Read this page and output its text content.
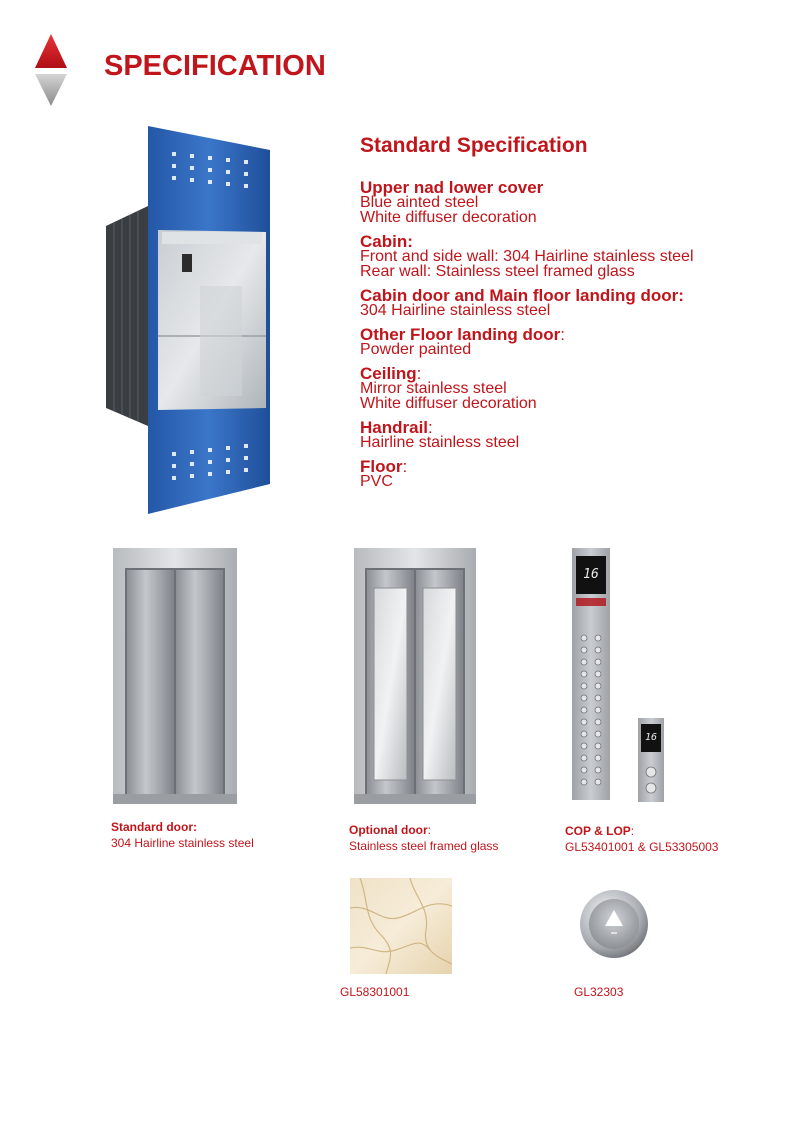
SPECIFICATION
Standard Specification
Upper nad lower cover
Blue ainted steel
White diffuser decoration
Cabin:
Front and side wall: 304 Hairline stainless steel
Rear wall: Stainless steel framed glass
Cabin door and Main floor landing door:
304 Hairline stainless steel
Other Floor landing door:
Powder painted
Ceiling:
Mirror stainless steel
White diffuser decoration
Handrail:
Hairline stainless steel
Floor:
PVC
16
16
Standard door:
304 Hairline stainless steel
Optional door:
Stainless steel framed glass
COP & LOP:
GL53401001 & GL53305003
GL58301001	GL32303
